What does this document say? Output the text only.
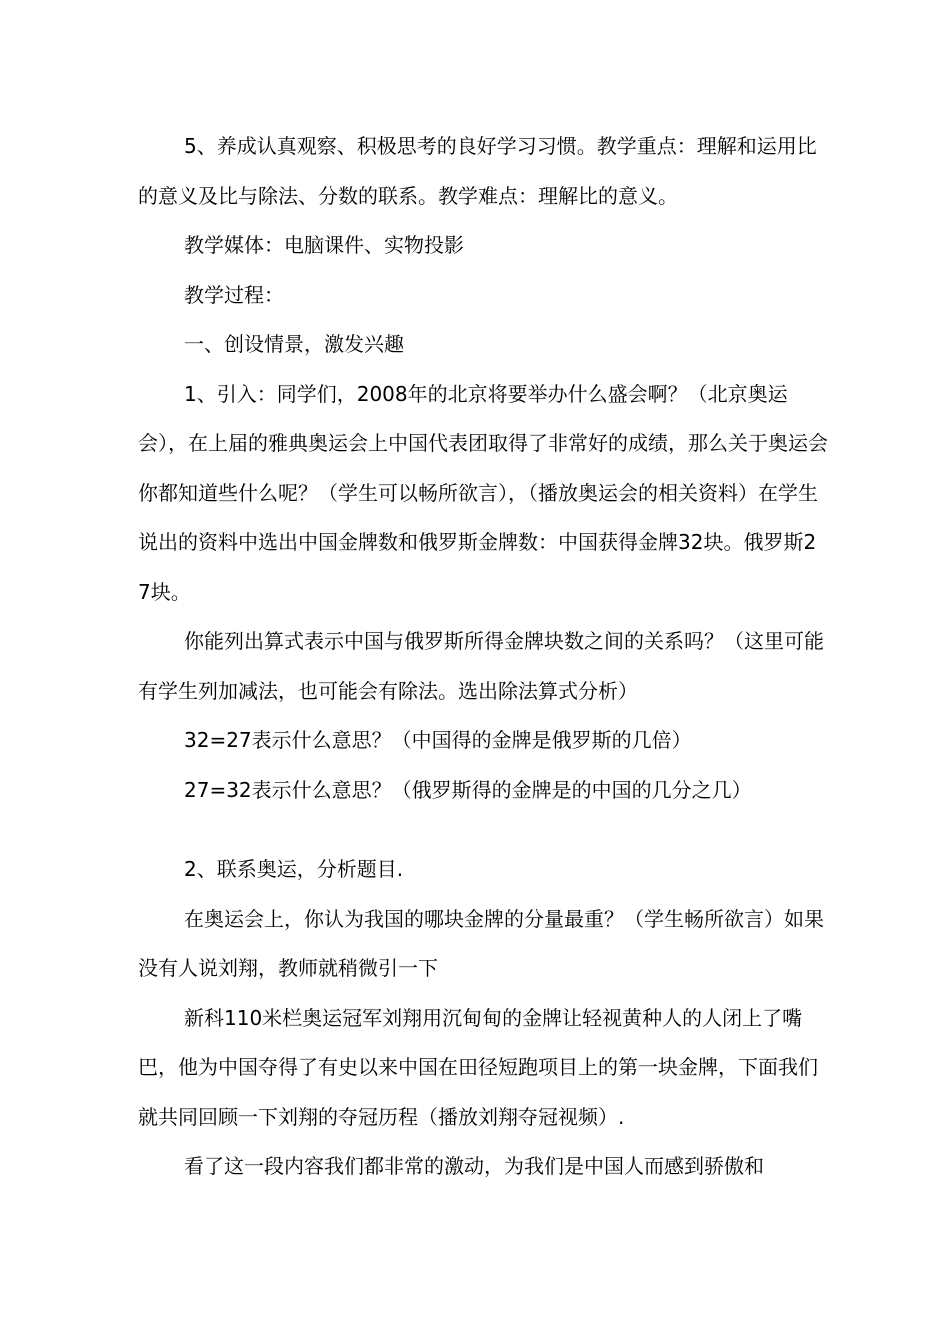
5、养成认真观察、积极思考的良好学习习惯。教学重点：理解和运用比的意义及比与除法、分数的联系。教学难点：理解比的意义。

教学媒体：电脑课件、实物投影

教学过程：

一、创设情景，激发兴趣

1、引入：同学们，2008年的北京将要举办什么盛会啊？（北京奥运会），在上届的雅典奥运会上中国代表团取得了非常好的成绩，那么关于奥运会你都知道些什么呢？（学生可以畅所欲言），（播放奥运会的相关资料）在学生说出的资料中选出中国金牌数和俄罗斯金牌数：中国获得金牌32块。俄罗斯27块。

你能列出算式表示中国与俄罗斯所得金牌块数之间的关系吗？（这里可能有学生列加减法，也可能会有除法。选出除法算式分析）

32=27表示什么意思？（中国得的金牌是俄罗斯的几倍）

27=32表示什么意思？（俄罗斯得的金牌是的中国的几分之几）

2、联系奥运，分析题目.

在奥运会上，你认为我国的哪块金牌的分量最重？（学生畅所欲言）如果没有人说刘翔，教师就稍微引一下

新科110米栏奥运冠军刘翔用沉甸甸的金牌让轻视黄种人的人闭上了嘴巴，他为中国夺得了有史以来中国在田径短跑项目上的第一块金牌，下面我们就共同回顾一下刘翔的夺冠历程（播放刘翔夺冠视频）.

看了这一段内容我们都非常的激动，为我们是中国人而感到骄傲和
